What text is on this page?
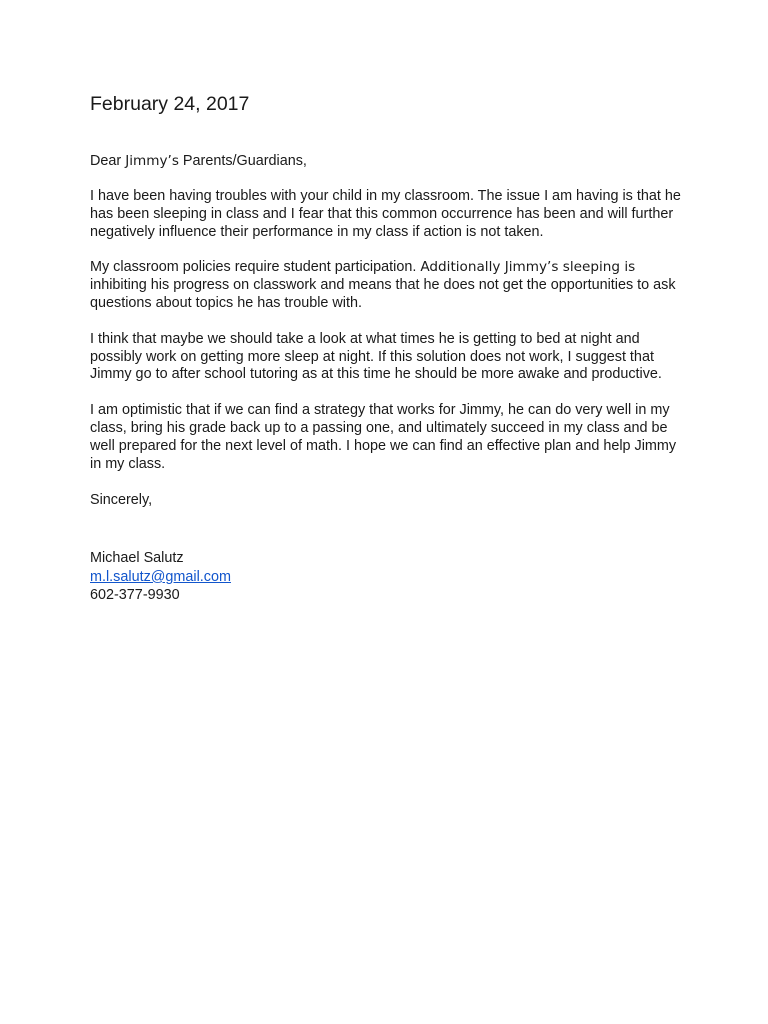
February 24, 2017

Dear Jimmy’s Parents/Guardians,

I have been having troubles with your child in my classroom. The issue I am having is that he has been sleeping in class and I fear that this common occurrence has been and will further negatively influence their performance in my class if action is not taken.

My classroom policies require student participation. Additionally Jimmy’s sleeping is inhibiting his progress on classwork and means that he does not get the opportunities to ask questions about topics he has trouble with.

I think that maybe we should take a look at what times he is getting to bed at night and possibly work on getting more sleep at night. If this solution does not work, I suggest that Jimmy go to after school tutoring as at this time he should be more awake and productive.

I am optimistic that if we can find a strategy that works for Jimmy, he can do very well in my class, bring his grade back up to a passing one, and ultimately succeed in my class and be well prepared for the next level of math. I hope we can find an effective plan and help Jimmy in my class.

Sincerely,

Michael Salutz
m.l.salutz@gmail.com
602-377-9930
